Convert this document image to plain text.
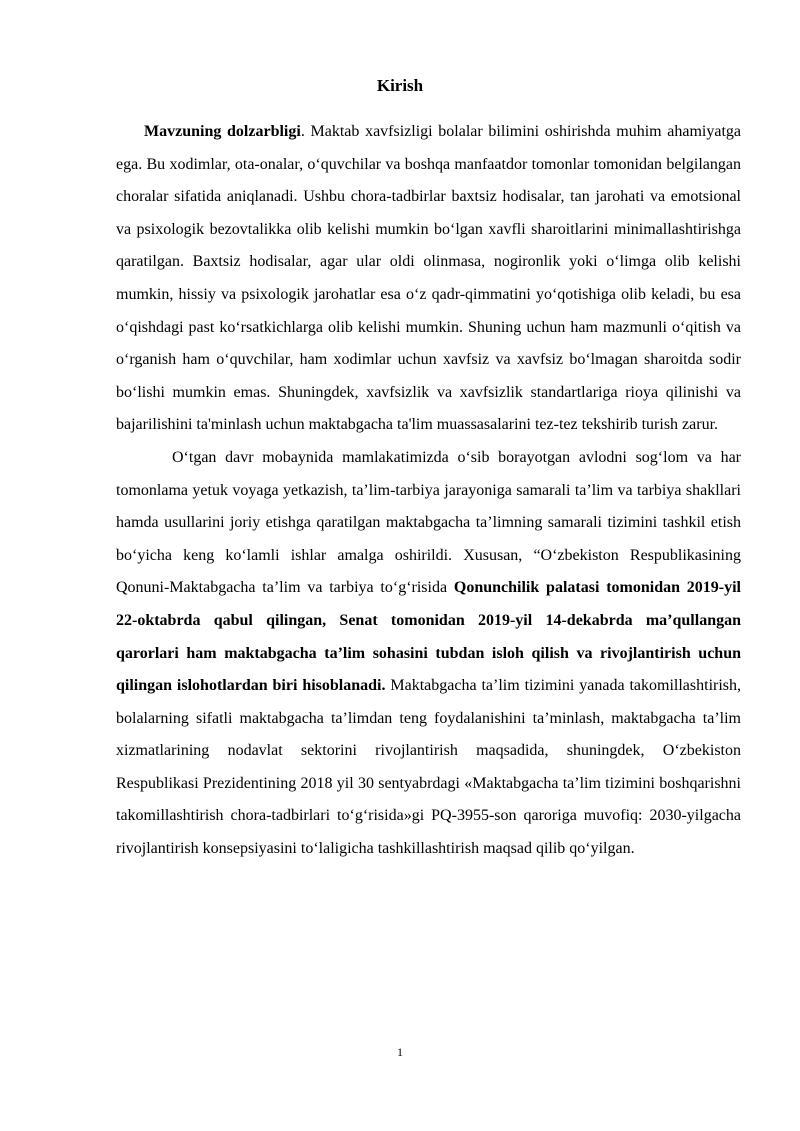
Kirish

Mavzuning dolzarbligi. Maktab xavfsizligi bolalar bilimini oshirishda muhim ahamiyatga ega. Bu xodimlar, ota-onalar, oʻquvchilar va boshqa manfaatdor tomonlar tomonidan belgilangan choralar sifatida aniqlanadi. Ushbu chora-tadbirlar baxtsiz hodisalar, tan jarohati va emotsional va psixologik bezovtalikka olib kelishi mumkin boʻlgan xavfli sharoitlarini minimallashtirishga qaratilgan. Baxtsiz hodisalar, agar ular oldi olinmasa, nogironlik yoki oʻlimga olib kelishi mumkin, hissiy va psixologik jarohatlar esa oʻz qadr-qimmatini yoʻqotishiga olib keladi, bu esa oʻqishdagi past koʻrsatkichlarga olib kelishi mumkin. Shuning uchun ham mazmunli oʻqitish va oʻrganish ham oʻquvchilar, ham xodimlar uchun xavfsiz va xavfsiz boʻlmagan sharoitda sodir boʻlishi mumkin emas. Shuningdek, xavfsizlik va xavfsizlik standartlariga rioya qilinishi va bajarilishini ta'minlash uchun maktabgacha ta'lim muassasalarini tez-tez tekshirib turish zarur.

Oʻtgan davr mobaynida mamlakatimizda oʻsib borayotgan avlodni sogʻlom va har tomonlama yetuk voyaga yetkazish, ta’lim-tarbiya jarayoniga samarali ta’lim va tarbiya shakllari hamda usullarini joriy etishga qaratilgan maktabgacha ta’limning samarali tizimini tashkil etish boʻyicha keng koʻlamli ishlar amalga oshirildi. Xususan, “Oʻzbekiston Respublikasining Qonuni-Maktabgacha ta’lim va tarbiya toʻgʻrisida Qonunchilik palatasi tomonidan 2019-yil 22-oktabrda qabul qilingan, Senat tomonidan 2019-yil 14-dekabrda ma’qullangan qarorlari ham maktabgacha ta’lim sohasini tubdan isloh qilish va rivojlantirish uchun qilingan islohotlardan biri hisoblanadi. Maktabgacha ta’lim tizimini yanada takomillashtirish, bolalarning sifatli maktabgacha ta’limdan teng foydalanishini ta’minlash, maktabgacha ta’lim xizmatlarining nodavlat sektorini rivojlantirish maqsadida, shuningdek, Oʻzbekiston Respublikasi Prezidentining 2018 yil 30 sentyabrdagi «Maktabgacha ta’lim tizimini boshqarishni takomillashtirish chora-tadbirlari toʻgʻrisida»gi PQ-3955-son qaroriga muvofiq: 2030-yilgacha rivojlantirish konsepsiyasini toʻlaligicha tashkillashtirish maqsad qilib qoʻyilgan.

1
